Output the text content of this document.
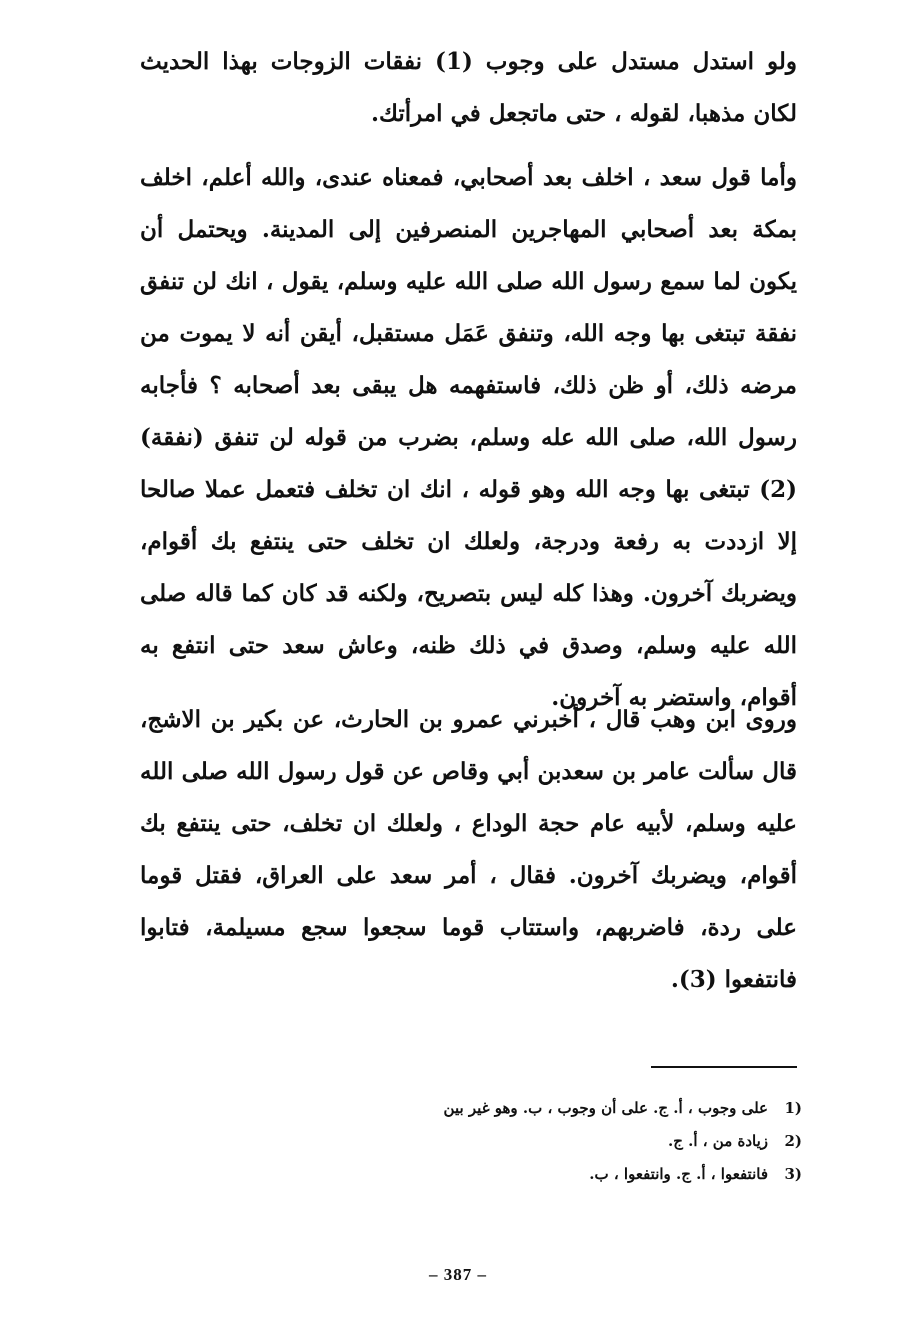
ولو استدل مستدل على وجوب (1) نفقات الزوجات بهذا الحديث لكان مذهبا، لقوله ، حتى ماتجعل في امرأتك.

وأما قول سعد ، اخلف بعد أصحابي، فمعناه عندى، والله أعلم، اخلف بمكة بعد أصحابي المهاجرين المنصرفين إلى المدينة. ويحتمل أن يكون لما سمع رسول الله صلى الله عليه وسلم، يقول ، انك لن تنفق نفقة تبتغى بها وجه الله، وتنفق عَمَل مستقبل، أيقن أنه لا يموت من مرضه ذلك، أو ظن ذلك، فاستفهمه هل يبقى بعد أصحابه ؟ فأجابه رسول الله، صلى الله عله وسلم، بضرب من قوله لن تنفق (نفقة) (2) تبتغى بها وجه الله وهو قوله ، انك ان تخلف فتعمل عملا صالحا إلا ازددت به رفعة ودرجة، ولعلك ان تخلف حتى ينتفع بك أقوام، ويضربك آخرون. وهذا كله ليس بتصريح، ولكنه قد كان كما قاله صلى الله عليه وسلم، وصدق في ذلك ظنه، وعاش سعد حتى انتفع به أقوام، واستضر به آخرون.

وروى ابن وهب قال ، أخبرني عمرو بن الحارث، عن بكير بن الاشج، قال سألت عامر بن سعدبن أبي وقاص عن قول رسول الله صلى الله عليه وسلم، لأبيه عام حجة الوداع ، ولعلك ان تخلف، حتى ينتفع بك أقوام، ويضربك آخرون. فقال ، أمر سعد على العراق، فقتل قوما على ردة، فاضربهم، واستتاب قوما سجعوا سجع مسيلمة، فتابوا فانتفعوا (3).

1)
على وجوب ، أ. ج. على أن وجوب ، ب. وهو غير بين
2)
زيادة من ، أ. ج.
3)
فانتفعوا ، أ. ج. وانتفعوا ، ب.
– 387 –
